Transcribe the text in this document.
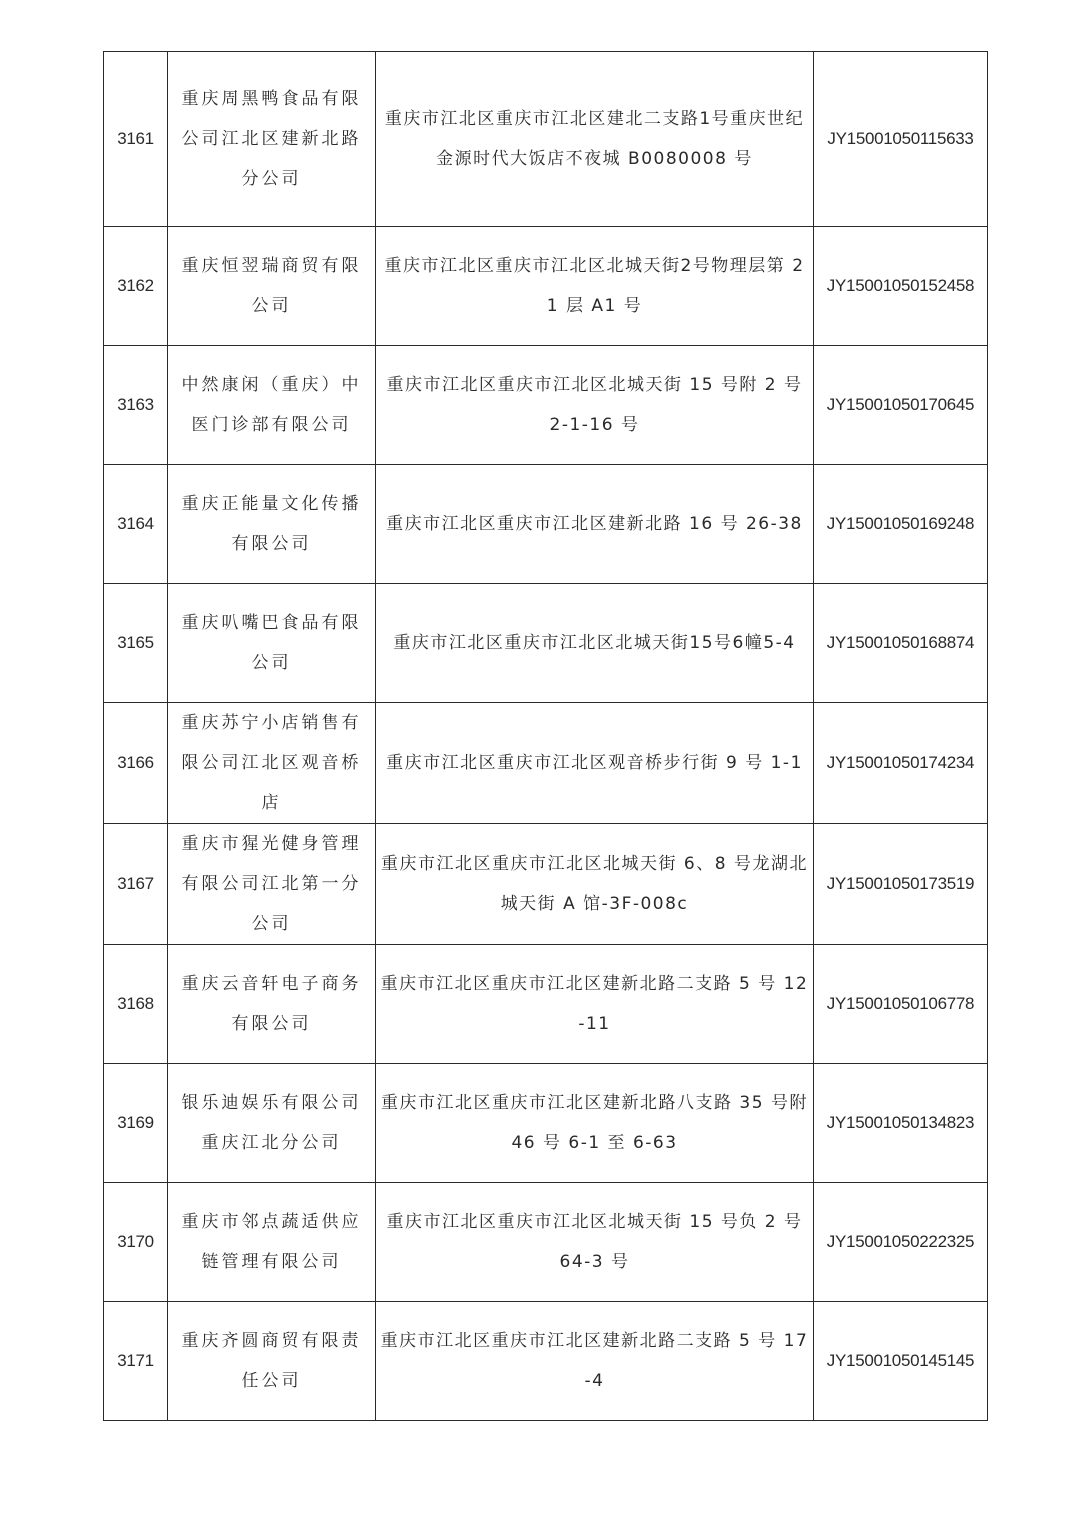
3161	重庆周黑鸭食品有限公司江北区建新北路分公司	重庆市江北区重庆市江北区建北二支路1号重庆世纪金源时代大饭店不夜城 B0080008 号	JY15001050115633
3162	重庆恒翌瑞商贸有限公司	重庆市江北区重庆市江北区北城天街2号物理层第 21 层 A1 号	JY15001050152458
3163	中然康闲（重庆）中医门诊部有限公司	重庆市江北区重庆市江北区北城天街 15 号附 2 号 2-1-16 号	JY15001050170645
3164	重庆正能量文化传播有限公司	重庆市江北区重庆市江北区建新北路 16 号 26-38	JY15001050169248
3165	重庆叭嘴巴食品有限公司	重庆市江北区重庆市江北区北城天街15号6幢5-4	JY15001050168874
3166	重庆苏宁小店销售有限公司江北区观音桥店	重庆市江北区重庆市江北区观音桥步行街 9 号 1-1	JY15001050174234
3167	重庆市猩光健身管理有限公司江北第一分公司	重庆市江北区重庆市江北区北城天街 6、8 号龙湖北城天街 A 馆-3F-008c	JY15001050173519
3168	重庆云音轩电子商务有限公司	重庆市江北区重庆市江北区建新北路二支路 5 号 12-11	JY15001050106778
3169	银乐迪娱乐有限公司重庆江北分公司	重庆市江北区重庆市江北区建新北路八支路 35 号附 46 号 6-1 至 6-63	JY15001050134823
3170	重庆市邻点蔬适供应链管理有限公司	重庆市江北区重庆市江北区北城天街 15 号负 2 号 64-3 号	JY15001050222325
3171	重庆齐圆商贸有限责任公司	重庆市江北区重庆市江北区建新北路二支路 5 号 17-4	JY15001050145145
